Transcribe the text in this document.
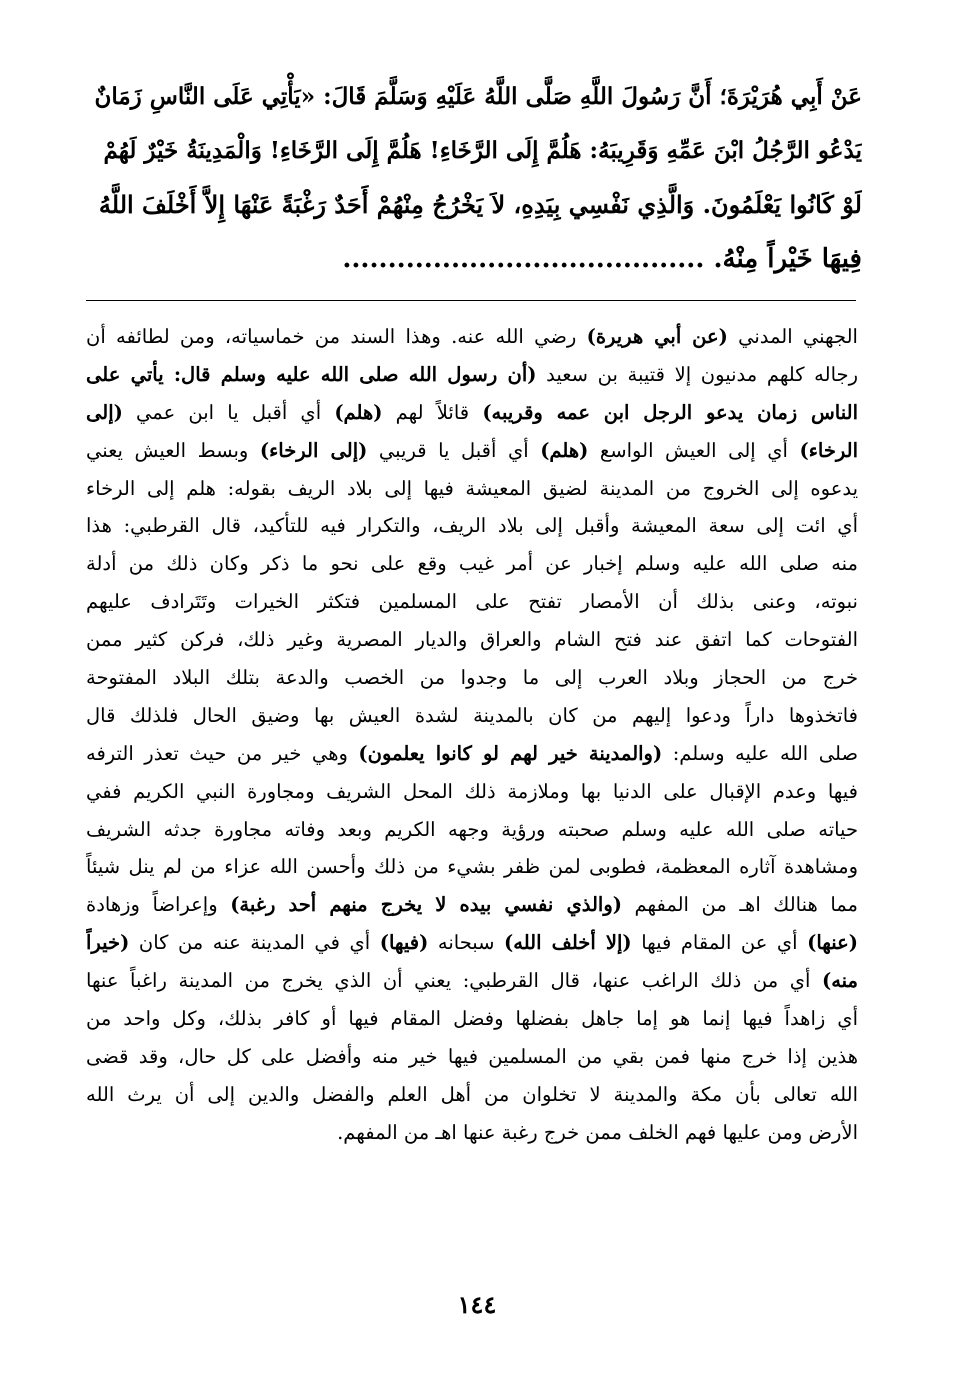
عَنْ أَبِي هُرَيْرَةَ؛ أَنَّ رَسُولَ اللَّهِ صَلَّى اللَّهُ عَلَيْهِ وَسَلَّمَ قَالَ: «يَأْتِي عَلَى النَّاسِ زَمَانٌ
يَدْعُو الرَّجُلُ ابْنَ عَمِّهِ وَقَرِيبَهُ: هَلُمَّ إِلَى الرَّخَاءِ! هَلُمَّ إِلَى الرَّخَاءِ! وَالْمَدِينَةُ خَيْرٌ لَهُمْ
لَوْ كَانُوا يَعْلَمُونَ. وَالَّذِي نَفْسِي بِيَدِهِ، لاَ يَخْرُجُ مِنْهُمْ أَحَدٌ رَغْبَةً عَنْهَا إِلاَّ أَخْلَفَ اللَّهُ
فِيهَا خَيْراً مِنْهُ. ........................................
الجهني المدني (عن أبي هريرة) رضي الله عنه. وهذا السند من خماسياته، ومن لطائفه أن
رجاله كلهم مدنيون إلا قتيبة بن سعيد (أن رسول الله صلى الله عليه وسلم قال: يأتي على
الناس زمان يدعو الرجل ابن عمه وقريبه) قائلاً لهم (هلم) أي أقبل يا ابن عمي (إلى
الرخاء) أي إلى العيش الواسع (هلم) أي أقبل يا قريبي (إلى الرخاء) وبسط العيش يعني
يدعوه إلى الخروج من المدينة لضيق المعيشة فيها إلى بلاد الريف بقوله: هلم إلى الرخاء
أي ائت إلى سعة المعيشة وأقبل إلى بلاد الريف، والتكرار فيه للتأكيد، قال القرطبي: هذا
منه صلى الله عليه وسلم إخبار عن أمر غيب وقع على نحو ما ذكر وكان ذلك من أدلة
نبوته، وعنى بذلك أن الأمصار تفتح على المسلمين فتكثر الخيرات وتَتَرادف عليهم
الفتوحات كما اتفق عند فتح الشام والعراق والديار المصرية وغير ذلك، فركن كثير ممن
خرج من الحجاز وبلاد العرب إلى ما وجدوا من الخصب والدعة بتلك البلاد المفتوحة
فاتخذوها داراً ودعوا إليهم من كان بالمدينة لشدة العيش بها وضيق الحال فلذلك قال
صلى الله عليه وسلم: (والمدينة خير لهم لو كانوا يعلمون) وهي خير من حيث تعذر الترفه
فيها وعدم الإقبال على الدنيا بها وملازمة ذلك المحل الشريف ومجاورة النبي الكريم ففي
حياته صلى الله عليه وسلم صحبته ورؤية وجهه الكريم وبعد وفاته مجاورة جدثه الشريف
ومشاهدة آثاره المعظمة، فطوبى لمن ظفر بشيء من ذلك وأحسن الله عزاء من لم ينل شيئاً
مما هنالك اهـ من المفهم (والذي نفسي بيده لا يخرج منهم أحد رغبة) وإعراضاً وزهادة
(عنها) أي عن المقام فيها (إلا أخلف الله) سبحانه (فيها) أي في المدينة عنه من كان (خيراً
منه) أي من ذلك الراغب عنها، قال القرطبي: يعني أن الذي يخرج من المدينة راغباً عنها
أي زاهداً فيها إنما هو إما جاهل بفضلها وفضل المقام فيها أو كافر بذلك، وكل واحد من
هذين إذا خرج منها فمن بقي من المسلمين فيها خير منه وأفضل على كل حال، وقد قضى
الله تعالى بأن مكة والمدينة لا تخلوان من أهل العلم والفضل والدين إلى أن يرث الله
الأرض ومن عليها فهم الخلف ممن خرج رغبة عنها اهـ من المفهم.
١٤٤
